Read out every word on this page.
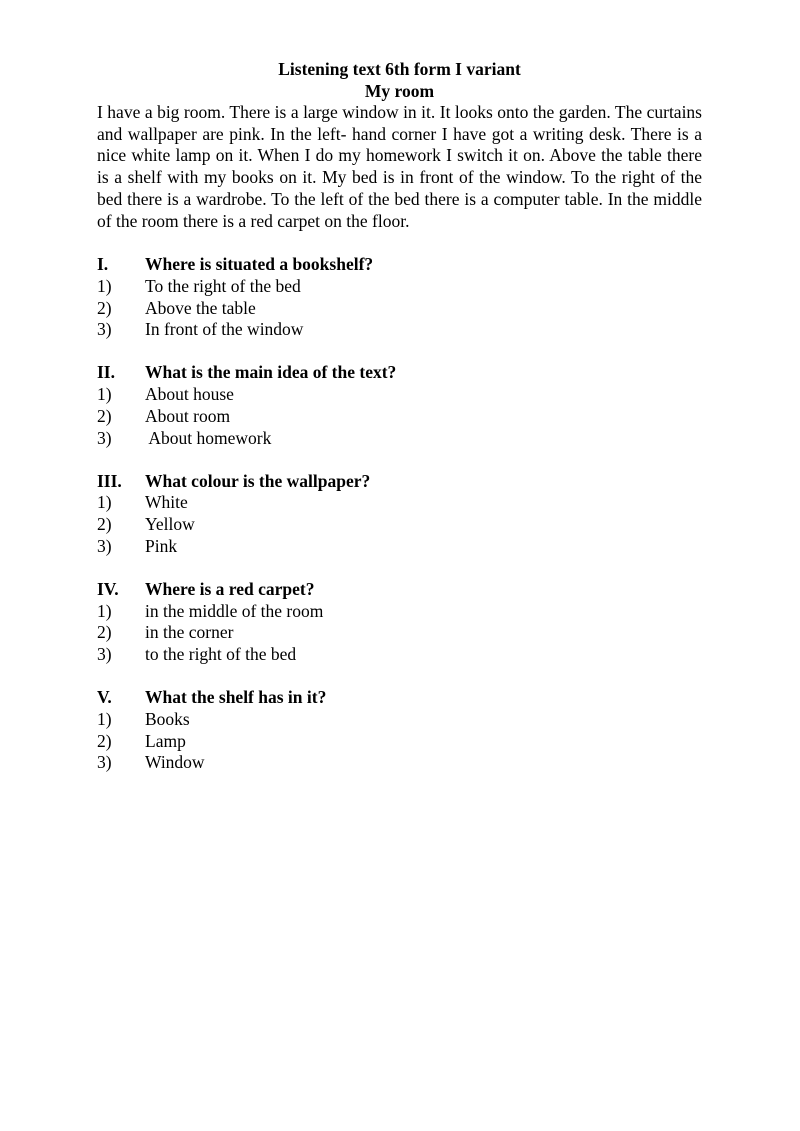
Listening text 6th form I variant

My room

I have a big room. There is a large window in it. It looks onto the garden. The curtains and wallpaper are pink. In the left- hand corner I have got a writing desk. There is a nice white lamp on it. When I do my homework I switch it on. Above the table there is a shelf with my books on it. My bed is in front of the window. To the right of the bed there is a wardrobe. To the left of the bed there is a computer table. In the middle of the room there is a red carpet on the floor.

I.	Where is situated a bookshelf?
1)	To the right of the bed
2)	Above the table
3)	In front of the window
II.	What is the main idea of the text?
1)	About house
2)	About room
3)	About homework
III.	What colour is the wallpaper?
1)	White
2)	Yellow
3)	Pink
IV.	Where is a red carpet?
1)	in the middle of the room
2)	in the corner
3)	to the right of the bed
V.	What the shelf has in it?
1)	Books
2)	Lamp
3)	Window
